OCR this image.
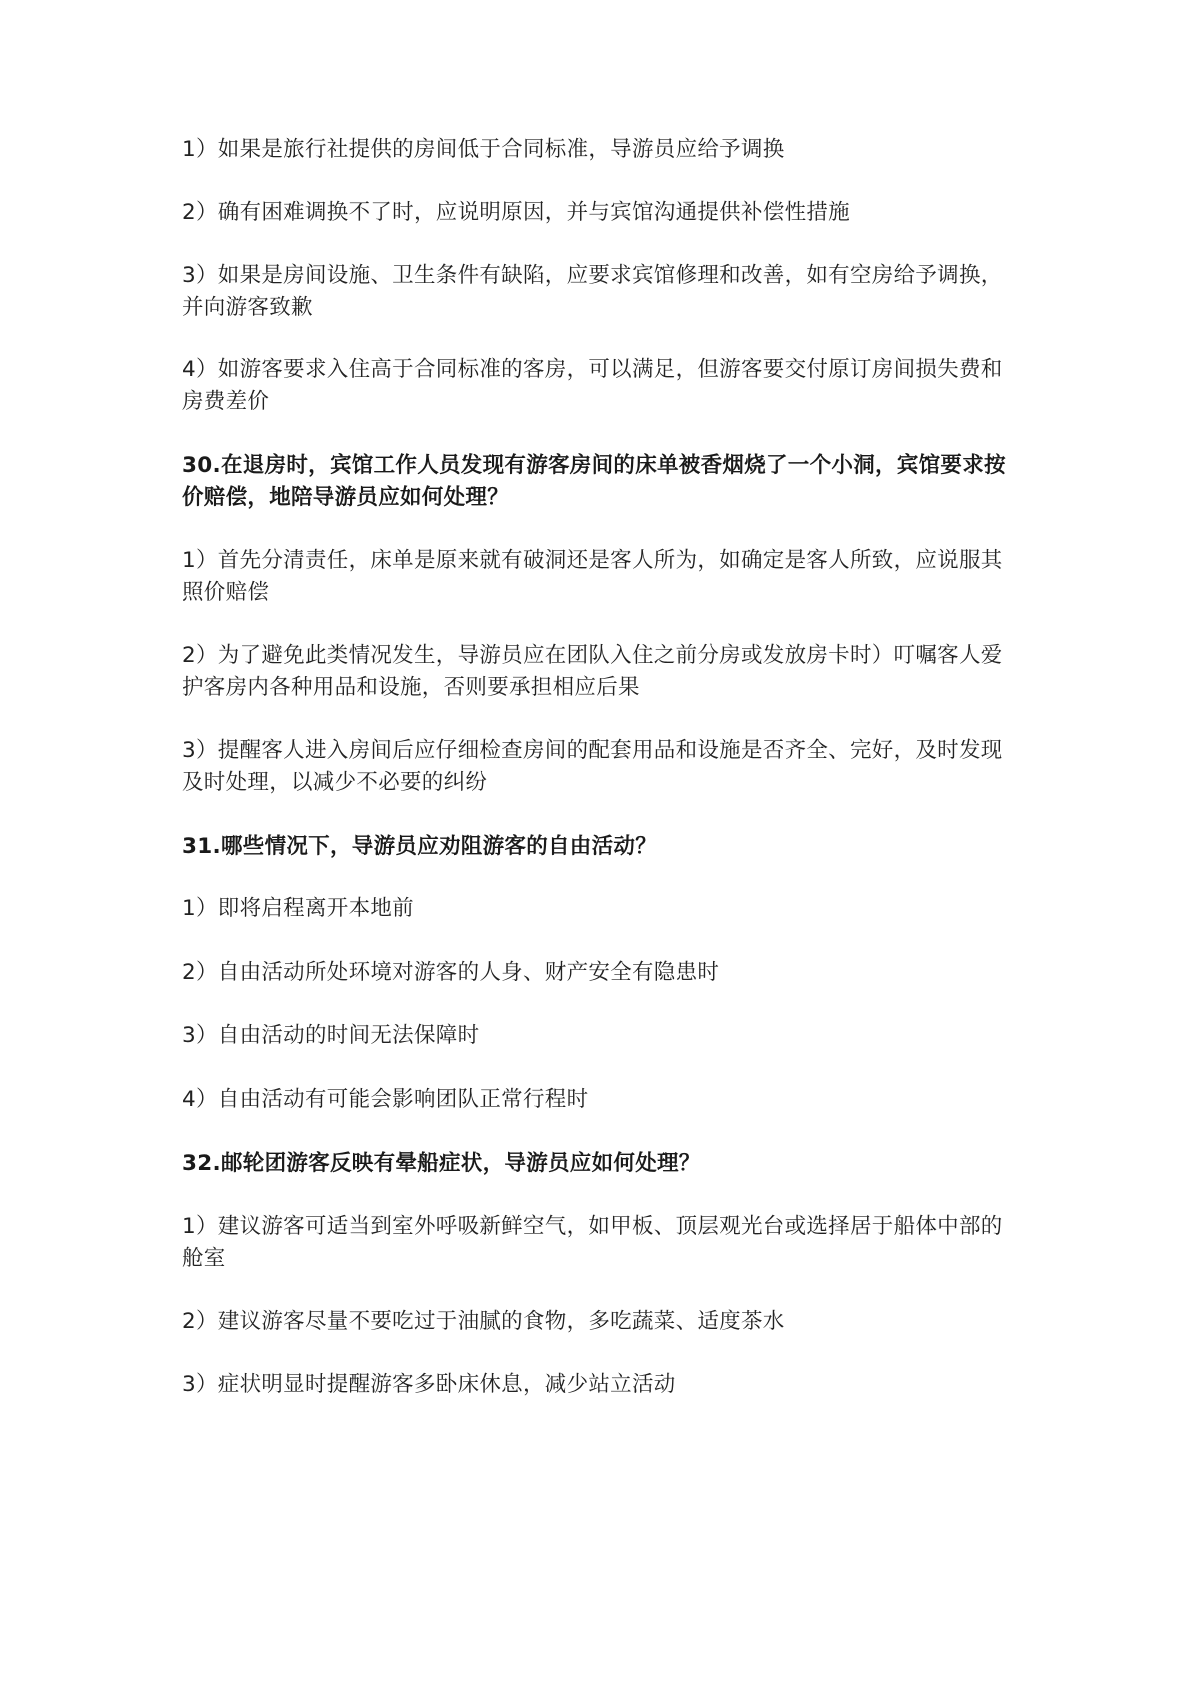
1）如果是旅行社提供的房间低于合同标准，导游员应给予调换

2）确有困难调换不了时，应说明原因，并与宾馆沟通提供补偿性措施

3）如果是房间设施、卫生条件有缺陷，应要求宾馆修理和改善，如有空房给予调换，并向游客致歉

4）如游客要求入住高于合同标准的客房，可以满足，但游客要交付原订房间损失费和房费差价

30.在退房时，宾馆工作人员发现有游客房间的床单被香烟烧了一个小洞，宾馆要求按价赔偿，地陪导游员应如何处理？

1）首先分清责任，床单是原来就有破洞还是客人所为，如确定是客人所致，应说服其照价赔偿

2）为了避免此类情况发生，导游员应在团队入住之前分房或发放房卡时）叮嘱客人爱护客房内各种用品和设施，否则要承担相应后果

3）提醒客人进入房间后应仔细检查房间的配套用品和设施是否齐全、完好，及时发现及时处理，以减少不必要的纠纷

31.哪些情况下，导游员应劝阻游客的自由活动？

1）即将启程离开本地前

2）自由活动所处环境对游客的人身、财产安全有隐患时

3）自由活动的时间无法保障时

4）自由活动有可能会影响团队正常行程时

32.邮轮团游客反映有晕船症状，导游员应如何处理？

1）建议游客可适当到室外呼吸新鲜空气，如甲板、顶层观光台或选择居于船体中部的舱室

2）建议游客尽量不要吃过于油腻的食物，多吃蔬菜、适度茶水

3）症状明显时提醒游客多卧床休息，减少站立活动
